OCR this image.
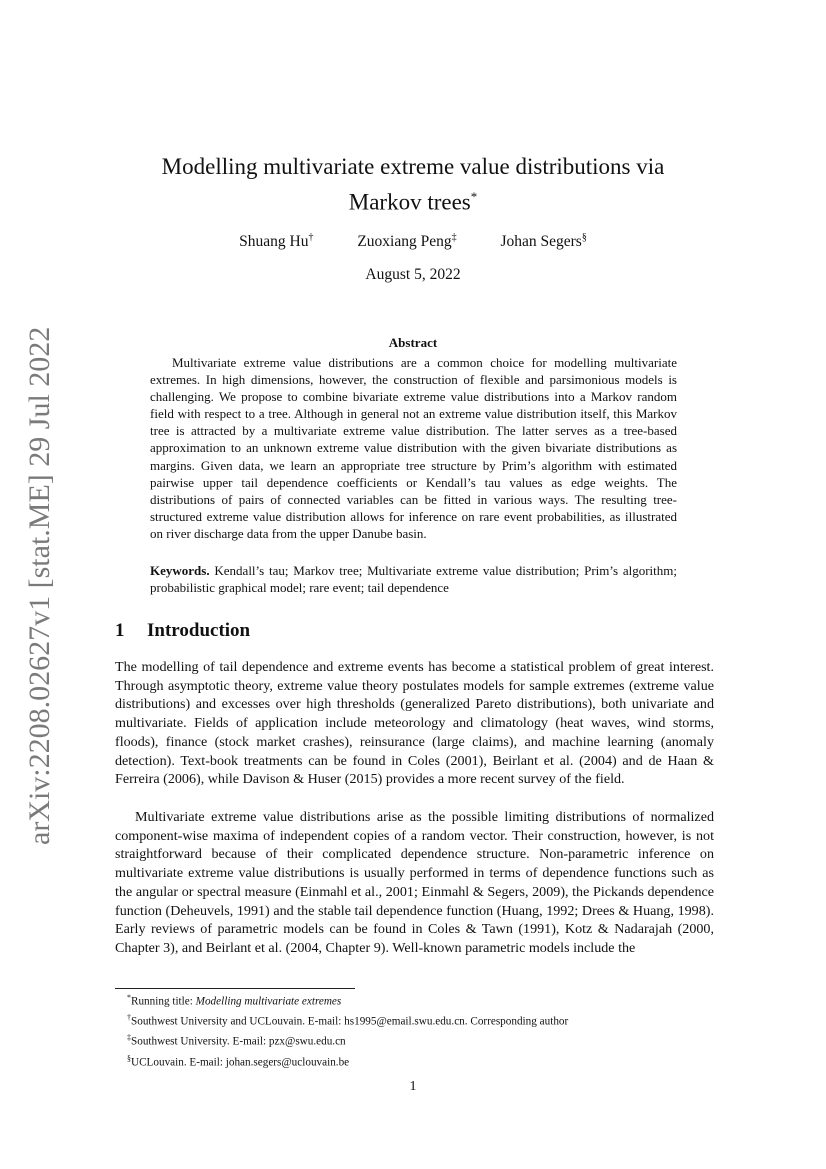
arXiv:2208.02627v1 [stat.ME] 29 Jul 2022
Modelling multivariate extreme value distributions via
Markov trees*
Shuang Hu†	Zuoxiang Peng‡	Johan Segers§
August 5, 2022
Abstract
Multivariate extreme value distributions are a common choice for modelling multivariate extremes. In high dimensions, however, the construction of flexible and parsimonious models is challenging. We propose to combine bivariate extreme value distributions into a Markov random field with respect to a tree. Although in general not an extreme value distribution itself, this Markov tree is attracted by a multivariate extreme value distribution. The latter serves as a tree-based approximation to an unknown extreme value distribution with the given bivariate distributions as margins. Given data, we learn an appropriate tree structure by Prim’s algorithm with estimated pairwise upper tail dependence coefficients or Kendall’s tau values as edge weights. The distributions of pairs of connected variables can be fitted in various ways. The resulting tree-structured extreme value distribution allows for inference on rare event probabilities, as illustrated on river discharge data from the upper Danube basin.
Keywords. Kendall’s tau; Markov tree; Multivariate extreme value distribution; Prim’s algorithm; probabilistic graphical model; rare event; tail dependence
1 Introduction
The modelling of tail dependence and extreme events has become a statistical problem of great interest. Through asymptotic theory, extreme value theory postulates models for sample extremes (extreme value distributions) and excesses over high thresholds (generalized Pareto distributions), both univariate and multivariate. Fields of application include meteorology and climatology (heat waves, wind storms, floods), finance (stock market crashes), reinsurance (large claims), and machine learning (anomaly detection). Text-book treatments can be found in Coles (2001), Beirlant et al. (2004) and de Haan & Ferreira (2006), while Davison & Huser (2015) provides a more recent survey of the field.
Multivariate extreme value distributions arise as the possible limiting distributions of normalized component-wise maxima of independent copies of a random vector. Their construction, however, is not straightforward because of their complicated dependence structure. Non-parametric inference on multivariate extreme value distributions is usually performed in terms of dependence functions such as the angular or spectral measure (Einmahl et al., 2001; Einmahl & Segers, 2009), the Pickands dependence function (Deheuvels, 1991) and the stable tail dependence function (Huang, 1992; Drees & Huang, 1998). Early reviews of parametric models can be found in Coles & Tawn (1991), Kotz & Nadarajah (2000, Chapter 3), and Beirlant et al. (2004, Chapter 9). Well-known parametric models include the
*Running title: Modelling multivariate extremes
†Southwest University and UCLouvain. E-mail: hs1995@email.swu.edu.cn. Corresponding author
‡Southwest University. E-mail: pzx@swu.edu.cn
§UCLouvain. E-mail: johan.segers@uclouvain.be
1
